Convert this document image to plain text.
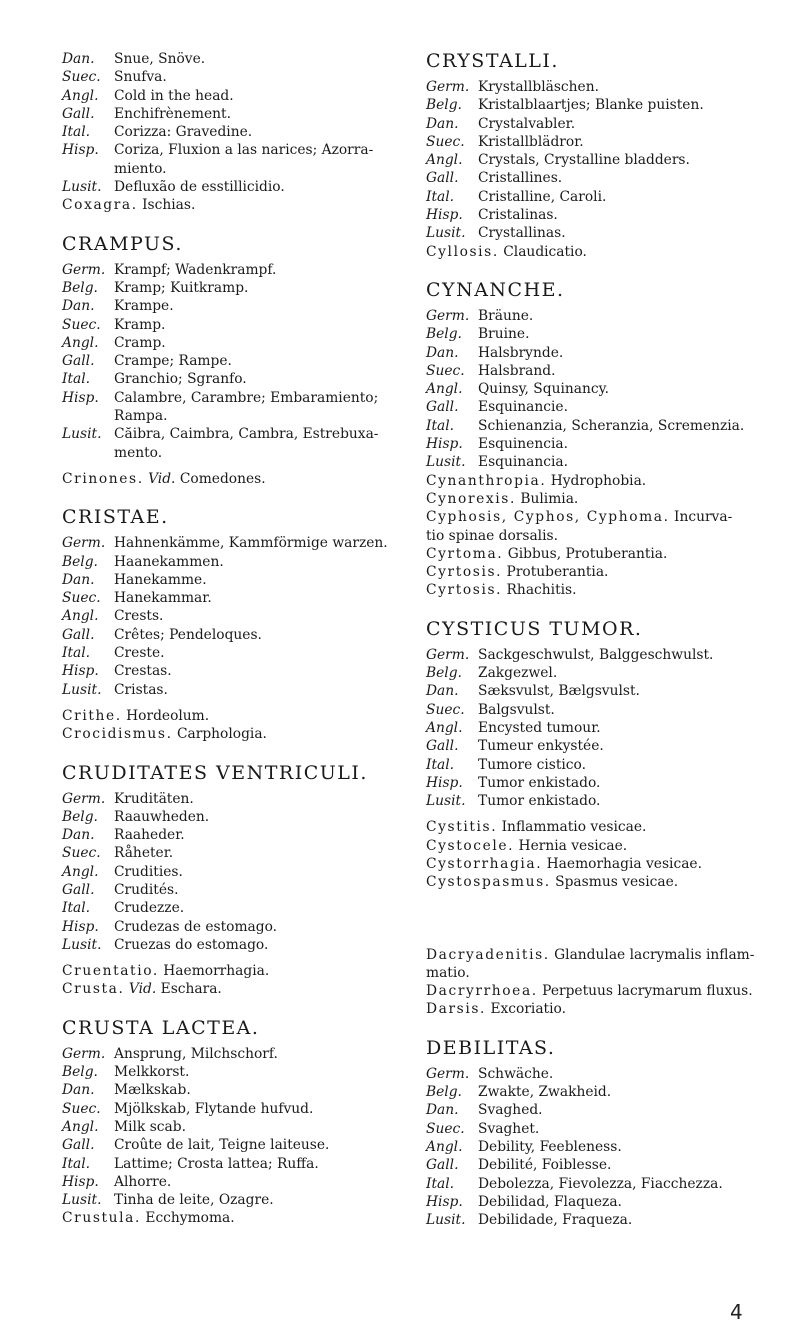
Dan.	Snue, Snöve.
Suec. Snufva.
Angl.	Cold in the head.
Gall.	Enchifrènement.
Ital.	Corizza: Gravedine.
Hisp.	Coriza, Fluxion a las narices; Azorra-
miento.
Lusit. Defluxão de esstillicidio.
Coxagra. Ischias.
CRAMPUS.
Germ. Krampf; Wadenkrampf.
Belg.	Kramp; Kuitkramp.
Dan.	Krampe.
Suec. Kramp.
Angl.	Cramp.
Gall.	Crampe; Rampe.
Ital.	Granchio; Sgranfo.
Hisp.	Calambre, Carambre; Embaramiento;
Rampa.
Lusit. Căibra, Caimbra, Cambra, Estrebuxa-
mento.
Crinones. Vid. Comedones.
CRISTAE.
Germ. Hahnenkämme, Kammförmige warzen.
Belg.	Haanekammen.
Dan.	Hanekamme.
Suec. Hanekammar.
Angl.	Crests.
Gall.	Crêtes; Pendeloques.
Ital.	Creste.
Hisp.	Crestas.
Lusit. Cristas.
Crithe. Hordeolum.
Crocidismus. Carphologia.
CRUDITATES VENTRICULI.
Germ. Kruditäten.
Belg.	Raauwheden.
Dan.	Raaheder.
Suec. Råheter.
Angl.	Crudities.
Gall.	Crudités.
Ital.	Crudezze.
Hisp.	Crudezas de estomago.
Lusit. Cruezas do estomago.
Cruentatio. Haemorrhagia.
Crusta. Vid. Eschara.
CRUSTA LACTEA.
Germ. Ansprung, Milchschorf.
Belg.	Melkkorst.
Dan.	Mælkskab.
Suec. Mjölkskab, Flytande hufvud.
Angl.	Milk scab.
Gall.	Croûte de lait, Teigne laiteuse.
Ital.	Lattime; Crosta lattea; Ruffa.
Hisp.	Alhorre.
Lusit. Tinha de leite, Ozagre.
Crustula. Ecchymoma.
CRYSTALLI.
Germ. Krystallbläschen.
Belg.	Kristalblaartjes; Blanke puisten.
Dan.	Crystalvabler.
Suec. Kristallblädror.
Angl.	Crystals, Crystalline bladders.
Gall.	Cristallines.
Ital.	Cristalline, Caroli.
Hisp.	Cristalinas.
Lusit. Crystallinas.
Cyllosis. Claudicatio.
CYNANCHE.
Germ. Bräune.
Belg.	Bruine.
Dan.	Halsbrynde.
Suec. Halsbrand.
Angl.	Quinsy, Squinancy.
Gall.	Esquinancie.
Ital.	Schienanzia, Scheranzia, Scremenzia.
Hisp.	Esquinencia.
Lusit. Esquinancia.
Cynanthropia. Hydrophobia.
Cynorexis. Bulimia.
Cyphosis, Cyphos, Cyphoma. Incurva-
tio spinae dorsalis.
Cyrtoma. Gibbus, Protuberantia.
Cyrtosis. Protuberantia.
Cyrtosis. Rhachitis.
CYSTICUS TUMOR.
Germ. Sackgeschwulst, Balggeschwulst.
Belg.	Zakgezwel.
Dan.	Sæksvulst, Bælgsvulst.
Suec. Balgsvulst.
Angl.	Encysted tumour.
Gall.	Tumeur enkystée.
Ital.	Tumore cistico.
Hisp.	Tumor enkistado.
Lusit. Tumor enkistado.
Cystitis. Inflammatio vesicae.
Cystocele. Hernia vesicae.
Cystorrhagia. Haemorhagia vesicae.
Cystospasmus. Spasmus vesicae.
Dacryadenitis. Glandulae lacrymalis inflam-
matio.
Dacryrrhoea. Perpetuus lacrymarum fluxus.
Darsis. Excoriatio.
DEBILITAS.
Germ. Schwäche.
Belg.	Zwakte, Zwakheid.
Dan.	Svaghed.
Suec. Svaghet.
Angl.	Debility, Feebleness.
Gall.	Debilité, Foiblesse.
Ital.	Debolezza, Fievolezza, Fiacchezza.
Hisp.	Debilidad, Flaqueza.
Lusit. Debilidade, Fraqueza.
4
